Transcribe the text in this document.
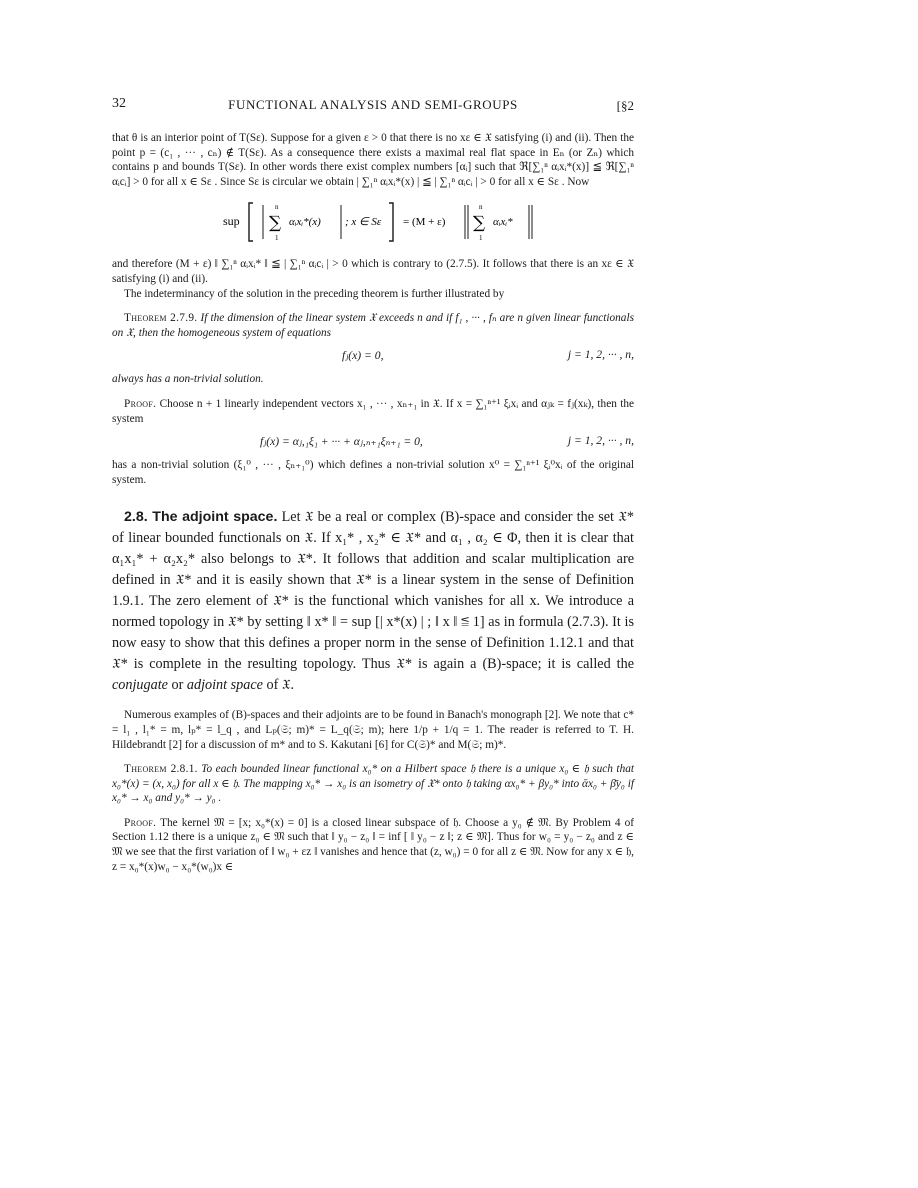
32	FUNCTIONAL ANALYSIS AND SEMI-GROUPS	[§2

that θ is an interior point of T(Sε). Suppose for a given ε > 0 that there is no xε ∈ 𝔛 satisfying (i) and (ii). Then the point p = (c₁ , ··· , cₙ) ∉ T(Sε). As a consequence there exists a maximal real flat space in Eₙ (or Zₙ) which contains p and bounds T(Sε). In other words there exist complex numbers [αᵢ] such that ℜ[∑₁ⁿ αᵢxᵢ*(x)] ≦ ℜ[∑₁ⁿ αᵢcᵢ] > 0 for all x ∈ Sε . Since Sε is circular we obtain | ∑₁ⁿ αᵢxᵢ*(x) | ≦ | ∑₁ⁿ αᵢcᵢ | > 0 for all x ∈ Sε . Now

sup
n
∑
1
αᵢxᵢ*(x) ; x ∈ Sε = (M + ε)
n
∑
1
αᵢxᵢ*

and therefore (M + ε) ‖ ∑₁ⁿ αᵢxᵢ* ‖ ≦ | ∑₁ⁿ αᵢcᵢ | > 0 which is contrary to (2.7.5). It follows that there is an xε ∈ 𝔛 satisfying (i) and (ii).

The indeterminancy of the solution in the preceding theorem is further illustrated by

Theorem 2.7.9. If the dimension of the linear system 𝔛 exceeds n and if f₁ , ··· , fₙ are n given linear functionals on 𝔛, then the homogeneous system of equations

fⱼ(x) = 0,	j = 1, 2, ··· , n,

always has a non-trivial solution.

Proof. Choose n + 1 linearly independent vectors x₁ , ··· , xₙ₊₁ in 𝔛. If x = ∑₁ⁿ⁺¹ ξᵢxᵢ and αⱼₖ = fⱼ(xₖ), then the system

fⱼ(x) = αⱼ,₁ξ₁ + ··· + αⱼ,ₙ₊₁ξₙ₊₁ = 0,	j = 1, 2, ··· , n,

has a non-trivial solution (ξ₁⁰ , ··· , ξₙ₊₁⁰) which defines a non-trivial solution x⁰ = ∑₁ⁿ⁺¹ ξᵢ⁰xᵢ of the original system.

2.8. The adjoint space. Let 𝔛 be a real or complex (B)-space and consider the set 𝔛* of linear bounded functionals on 𝔛. If x₁* , x₂* ∈ 𝔛* and α₁ , α₂ ∈ Φ, then it is clear that α₁x₁* + α₂x₂* also belongs to 𝔛*. It follows that addition and scalar multiplication are defined in 𝔛* and it is easily shown that 𝔛* is a linear system in the sense of Definition 1.9.1. The zero element of 𝔛* is the functional which vanishes for all x. We introduce a normed topology in 𝔛* by setting ‖ x* ‖ = sup [| x*(x) | ; ‖ x ‖ ≦ 1] as in formula (2.7.3). It is now easy to show that this defines a proper norm in the sense of Definition 1.12.1 and that 𝔛* is complete in the resulting topology. Thus 𝔛* is again a (B)-space; it is called the conjugate or adjoint space of 𝔛.

Numerous examples of (B)-spaces and their adjoints are to be found in Banach's monograph [2]. We note that c* = l₁ , l₁* = m, lₚ* = l_q , and Lₚ(𝔖; m)* = L_q(𝔖; m); here 1/p + 1/q = 1. The reader is referred to T. H. Hildebrandt [2] for a discussion of m* and to S. Kakutani [6] for C(𝔖)* and M(𝔖; m)*.

Theorem 2.8.1. To each bounded linear functional x₀* on a Hilbert space 𝔥 there is a unique x₀ ∈ 𝔥 such that x₀*(x) = (x, x₀) for all x ∈ 𝔥. The mapping x₀* → x₀ is an isometry of 𝔛* onto 𝔥 taking αx₀* + βy₀* into ᾱx₀ + β̄y₀ if x₀* → x₀ and y₀* → y₀ .

Proof. The kernel 𝔐 = [x; x₀*(x) = 0] is a closed linear subspace of 𝔥. Choose a y₀ ∉ 𝔐. By Problem 4 of Section 1.12 there is a unique z₀ ∈ 𝔐 such that ‖ y₀ − z₀ ‖ = inf [ ‖ y₀ − z ‖; z ∈ 𝔐]. Thus for w₀ = y₀ − z₀ and z ∈ 𝔐 we see that the first variation of ‖ w₀ + εz ‖ vanishes and hence that (z, w₀) = 0 for all z ∈ 𝔐. Now for any x ∈ 𝔥, z = x₀*(x)w₀ − x₀*(w₀)x ∈
